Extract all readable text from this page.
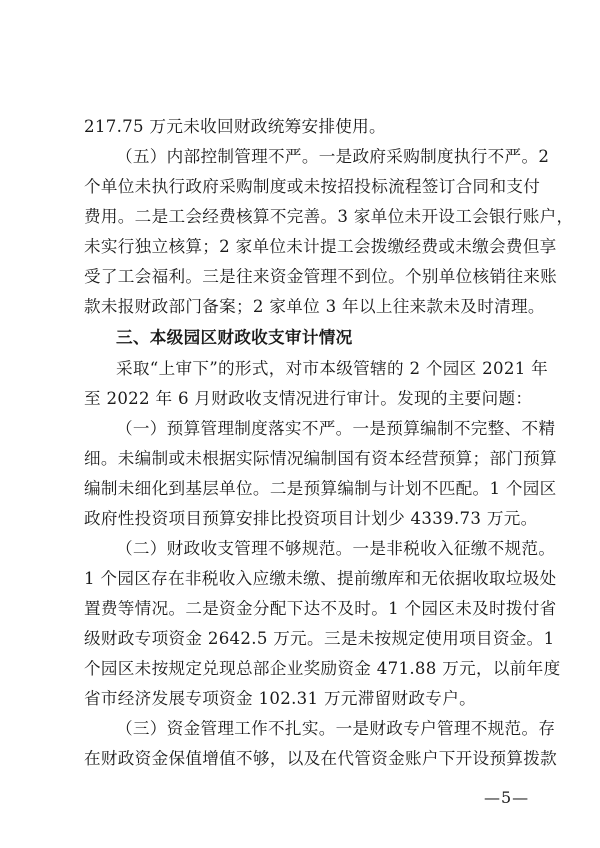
217.75 万元未收回财政统筹安排使用。
（五）内部控制管理不严。一是政府采购制度执行不严。2
个单位未执行政府采购制度或未按招投标流程签订合同和支付
费用。二是工会经费核算不完善。3 家单位未开设工会银行账户，
未实行独立核算；2 家单位未计提工会拨缴经费或未缴会费但享
受了工会福利。三是往来资金管理不到位。个别单位核销往来账
款未报财政部门备案；2 家单位 3 年以上往来款未及时清理。
三、本级园区财政收支审计情况
采取“上审下”的形式，对市本级管辖的 2 个园区 2021 年
至 2022 年 6 月财政收支情况进行审计。发现的主要问题：
（一）预算管理制度落实不严。一是预算编制不完整、不精
细。未编制或未根据实际情况编制国有资本经营预算；部门预算
编制未细化到基层单位。二是预算编制与计划不匹配。1 个园区
政府性投资项目预算安排比投资项目计划少 4339.73 万元。
（二）财政收支管理不够规范。一是非税收入征缴不规范。
1 个园区存在非税收入应缴未缴、提前缴库和无依据收取垃圾处
置费等情况。二是资金分配下达不及时。1 个园区未及时拨付省
级财政专项资金 2642.5 万元。三是未按规定使用项目资金。1
个园区未按规定兑现总部企业奖励资金 471.88 万元，以前年度
省市经济发展专项资金 102.31 万元滞留财政专户。
（三）资金管理工作不扎实。一是财政专户管理不规范。存
在财政资金保值增值不够，以及在代管资金账户下开设预算拨款
—5—
